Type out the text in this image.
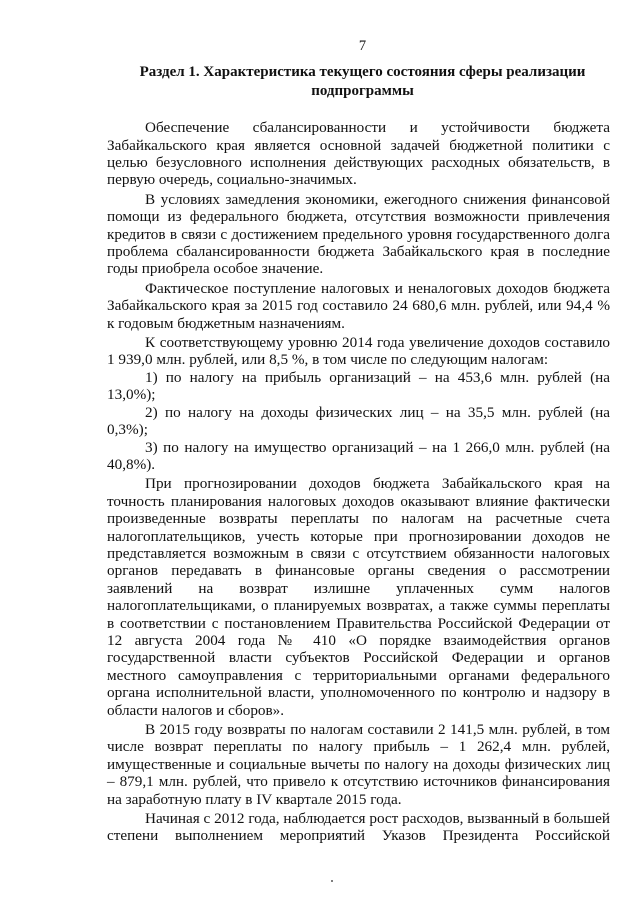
7
Раздел 1. Характеристика текущего состояния сферы реализации подпрограммы

Обеспечение сбалансированности и устойчивости бюджета Забайкальского края является основной задачей бюджетной политики с целью безусловного исполнения действующих расходных обязательств, в первую очередь, социально-значимых.

В условиях замедления экономики, ежегодного снижения финансовой помощи из федерального бюджета, отсутствия возможности привлечения кредитов в связи с достижением предельного уровня государственного долга проблема сбалансированности бюджета Забайкальского края в последние годы приобрела особое значение.

Фактическое поступление налоговых и неналоговых доходов бюджета Забайкальского края за 2015 год составило 24 680,6 млн. рублей, или 94,4 % к годовым бюджетным назначениям.

К соответствующему уровню 2014 года увеличение доходов составило 1 939,0 млн. рублей, или 8,5 %, в том числе по следующим налогам:

1) по налогу на прибыль организаций – на 453,6 млн. рублей (на 13,0%);

2) по налогу на доходы физических лиц – на 35,5 млн. рублей (на 0,3%);

3) по налогу на имущество организаций – на 1 266,0 млн. рублей (на 40,8%).

При прогнозировании доходов бюджета Забайкальского края на точность планирования налоговых доходов оказывают влияние фактически произведенные возвраты переплаты по налогам на расчетные счета налогоплательщиков, учесть которые при прогнозировании доходов не представляется возможным в связи с отсутствием обязанности налоговых органов передавать в финансовые органы сведения о рассмотрении заявлений на возврат излишне уплаченных сумм налогов налогоплательщиками, о планируемых возвратах, а также суммы переплаты в соответствии с постановлением Правительства Российской Федерации от 12 августа 2004 года № 410 «О порядке взаимодействия органов государственной власти субъектов Российской Федерации и органов местного самоуправления с территориальными органами федерального органа исполнительной власти, уполномоченного по контролю и надзору в области налогов и сборов».

В 2015 году возвраты по налогам составили 2 141,5 млн. рублей, в том числе возврат переплаты по налогу прибыль – 1 262,4 млн. рублей, имущественные и социальные вычеты по налогу на доходы физических лиц – 879,1 млн. рублей, что привело к отсутствию источников финансирования на заработную плату в IV квартале 2015 года.

Начиная с 2012 года, наблюдается рост расходов, вызванный в большей степени выполнением мероприятий Указов Президента Российской
